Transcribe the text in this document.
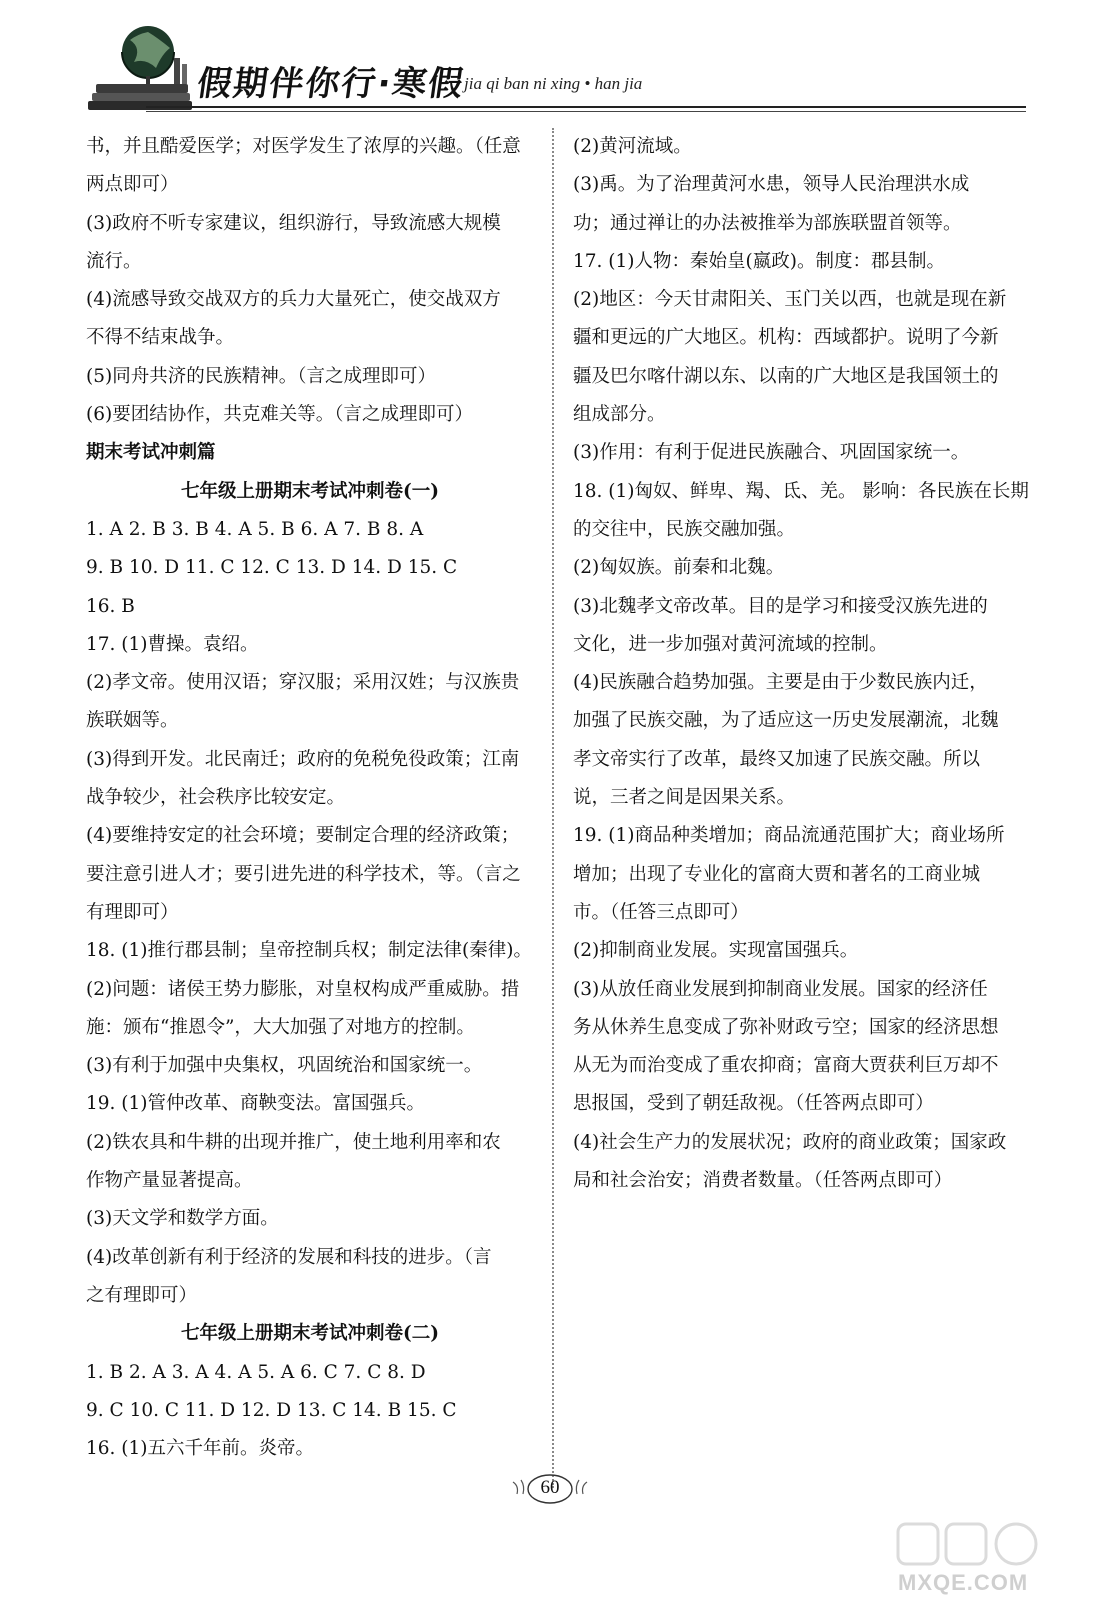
假期伴你行·寒假
jia qi ban ni xing • han jia
书，并且酷爱医学；对医学发生了浓厚的兴趣。（任意
两点即可）
(3)政府不听专家建议，组织游行，导致流感大规模
流行。
(4)流感导致交战双方的兵力大量死亡，使交战双方
不得不结束战争。
(5)同舟共济的民族精神。（言之成理即可）
(6)要团结协作，共克难关等。（言之成理即可）
期末考试冲刺篇
七年级上册期末考试冲刺卷(一)
1. A 2. B 3. B 4. A 5. B 6. A 7. B 8. A
9. B 10. D 11. C 12. C 13. D 14. D 15. C
16. B
17. (1)曹操。袁绍。
(2)孝文帝。使用汉语；穿汉服；采用汉姓；与汉族贵
族联姻等。
(3)得到开发。北民南迁；政府的免税免役政策；江南
战争较少，社会秩序比较安定。
(4)要维持安定的社会环境；要制定合理的经济政策；
要注意引进人才；要引进先进的科学技术，等。（言之
有理即可）
18. (1)推行郡县制；皇帝控制兵权；制定法律(秦律)。
(2)问题：诸侯王势力膨胀，对皇权构成严重威胁。措
施：颁布“推恩令”，大大加强了对地方的控制。
(3)有利于加强中央集权，巩固统治和国家统一。
19. (1)管仲改革、商鞅变法。富国强兵。
(2)铁农具和牛耕的出现并推广，使土地利用率和农
作物产量显著提高。
(3)天文学和数学方面。
(4)改革创新有利于经济的发展和科技的进步。（言
之有理即可）
七年级上册期末考试冲刺卷(二)
1. B 2. A 3. A 4. A 5. A 6. C 7. C 8. D
9. C 10. C 11. D 12. D 13. C 14. B 15. C
16. (1)五六千年前。炎帝。
(2)黄河流域。
(3)禹。为了治理黄河水患，领导人民治理洪水成
功；通过禅让的办法被推举为部族联盟首领等。
17. (1)人物：秦始皇(嬴政)。制度：郡县制。
(2)地区：今天甘肃阳关、玉门关以西，也就是现在新
疆和更远的广大地区。机构：西域都护。说明了今新
疆及巴尔喀什湖以东、以南的广大地区是我国领土的
组成部分。
(3)作用：有利于促进民族融合、巩固国家统一。
18. (1)匈奴、鲜卑、羯、氐、羌。 影响：各民族在长期
的交往中，民族交融加强。
(2)匈奴族。前秦和北魏。
(3)北魏孝文帝改革。目的是学习和接受汉族先进的
文化，进一步加强对黄河流域的控制。
(4)民族融合趋势加强。主要是由于少数民族内迁，
加强了民族交融，为了适应这一历史发展潮流，北魏
孝文帝实行了改革，最终又加速了民族交融。所以
说，三者之间是因果关系。
19. (1)商品种类增加；商品流通范围扩大；商业场所
增加；出现了专业化的富商大贾和著名的工商业城
市。（任答三点即可）
(2)抑制商业发展。实现富国强兵。
(3)从放任商业发展到抑制商业发展。国家的经济任
务从休养生息变成了弥补财政亏空；国家的经济思想
从无为而治变成了重农抑商；富商大贾获利巨万却不
思报国，受到了朝廷敌视。（任答两点即可）
(4)社会生产力的发展状况；政府的商业政策；国家政
局和社会治安；消费者数量。（任答两点即可）
60
MXQE.COM
